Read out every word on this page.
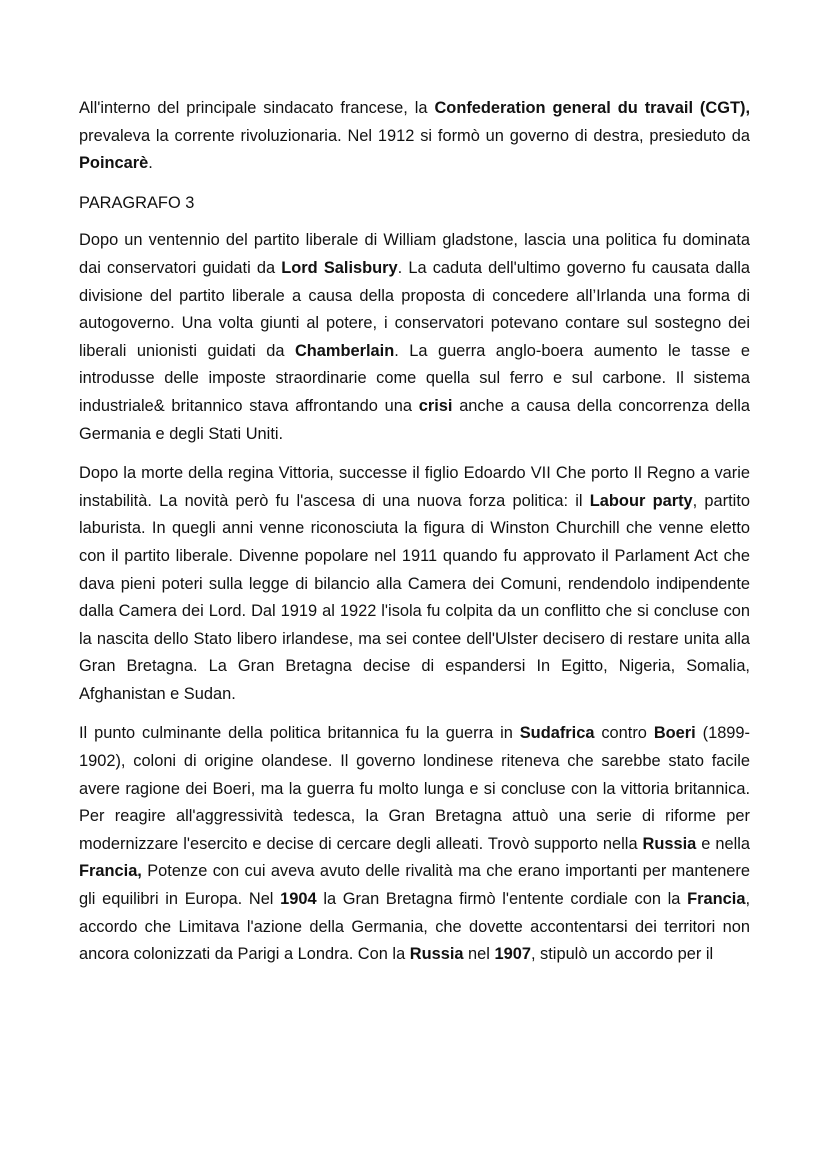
All'interno del principale sindacato francese, la Confederation general du travail (CGT), prevaleva la corrente rivoluzionaria. Nel 1912 si formò un governo di destra, presieduto da Poincarè.

PARAGRAFO 3

Dopo un ventennio del partito liberale di William gladstone, lascia una politica fu dominata dai conservatori guidati da Lord Salisbury. La caduta dell'ultimo governo fu causata dalla divisione del partito liberale a causa della proposta di concedere all’Irlanda una forma di autogoverno. Una volta giunti al potere, i conservatori potevano contare sul sostegno dei liberali unionisti guidati da Chamberlain. La guerra anglo-boera aumento le tasse e introdusse delle imposte straordinarie come quella sul ferro e sul carbone. Il sistema industriale& britannico stava affrontando una crisi anche a causa della concorrenza della Germania e degli Stati Uniti.

Dopo la morte della regina Vittoria, successe il figlio Edoardo VII Che porto Il Regno a varie instabilità. La novità però fu l'ascesa di una nuova forza politica: il Labour party, partito laburista. In quegli anni venne riconosciuta la figura di Winston Churchill che venne eletto con il partito liberale. Divenne popolare nel 1911 quando fu approvato il Parlament Act che dava pieni poteri sulla legge di bilancio alla Camera dei Comuni, rendendolo indipendente dalla Camera dei Lord. Dal 1919 al 1922 l'isola fu colpita da un conflitto che si concluse con la nascita dello Stato libero irlandese, ma sei contee dell'Ulster decisero di restare unita alla Gran Bretagna. La Gran Bretagna decise di espandersi In Egitto, Nigeria, Somalia, Afghanistan e Sudan.

Il punto culminante della politica britannica fu la guerra in Sudafrica contro Boeri (1899-1902), coloni di origine olandese. Il governo londinese riteneva che sarebbe stato facile avere ragione dei Boeri, ma la guerra fu molto lunga e si concluse con la vittoria britannica. Per reagire all'aggressività tedesca, la Gran Bretagna attuò una serie di riforme per modernizzare l'esercito e decise di cercare degli alleati. Trovò supporto nella Russia e nella Francia, Potenze con cui aveva avuto delle rivalità ma che erano importanti per mantenere gli equilibri in Europa. Nel 1904 la Gran Bretagna firmò l'entente cordiale con la Francia, accordo che Limitava l'azione della Germania, che dovette accontentarsi dei territori non ancora colonizzati da Parigi a Londra. Con la Russia nel 1907, stipulò un accordo per il
